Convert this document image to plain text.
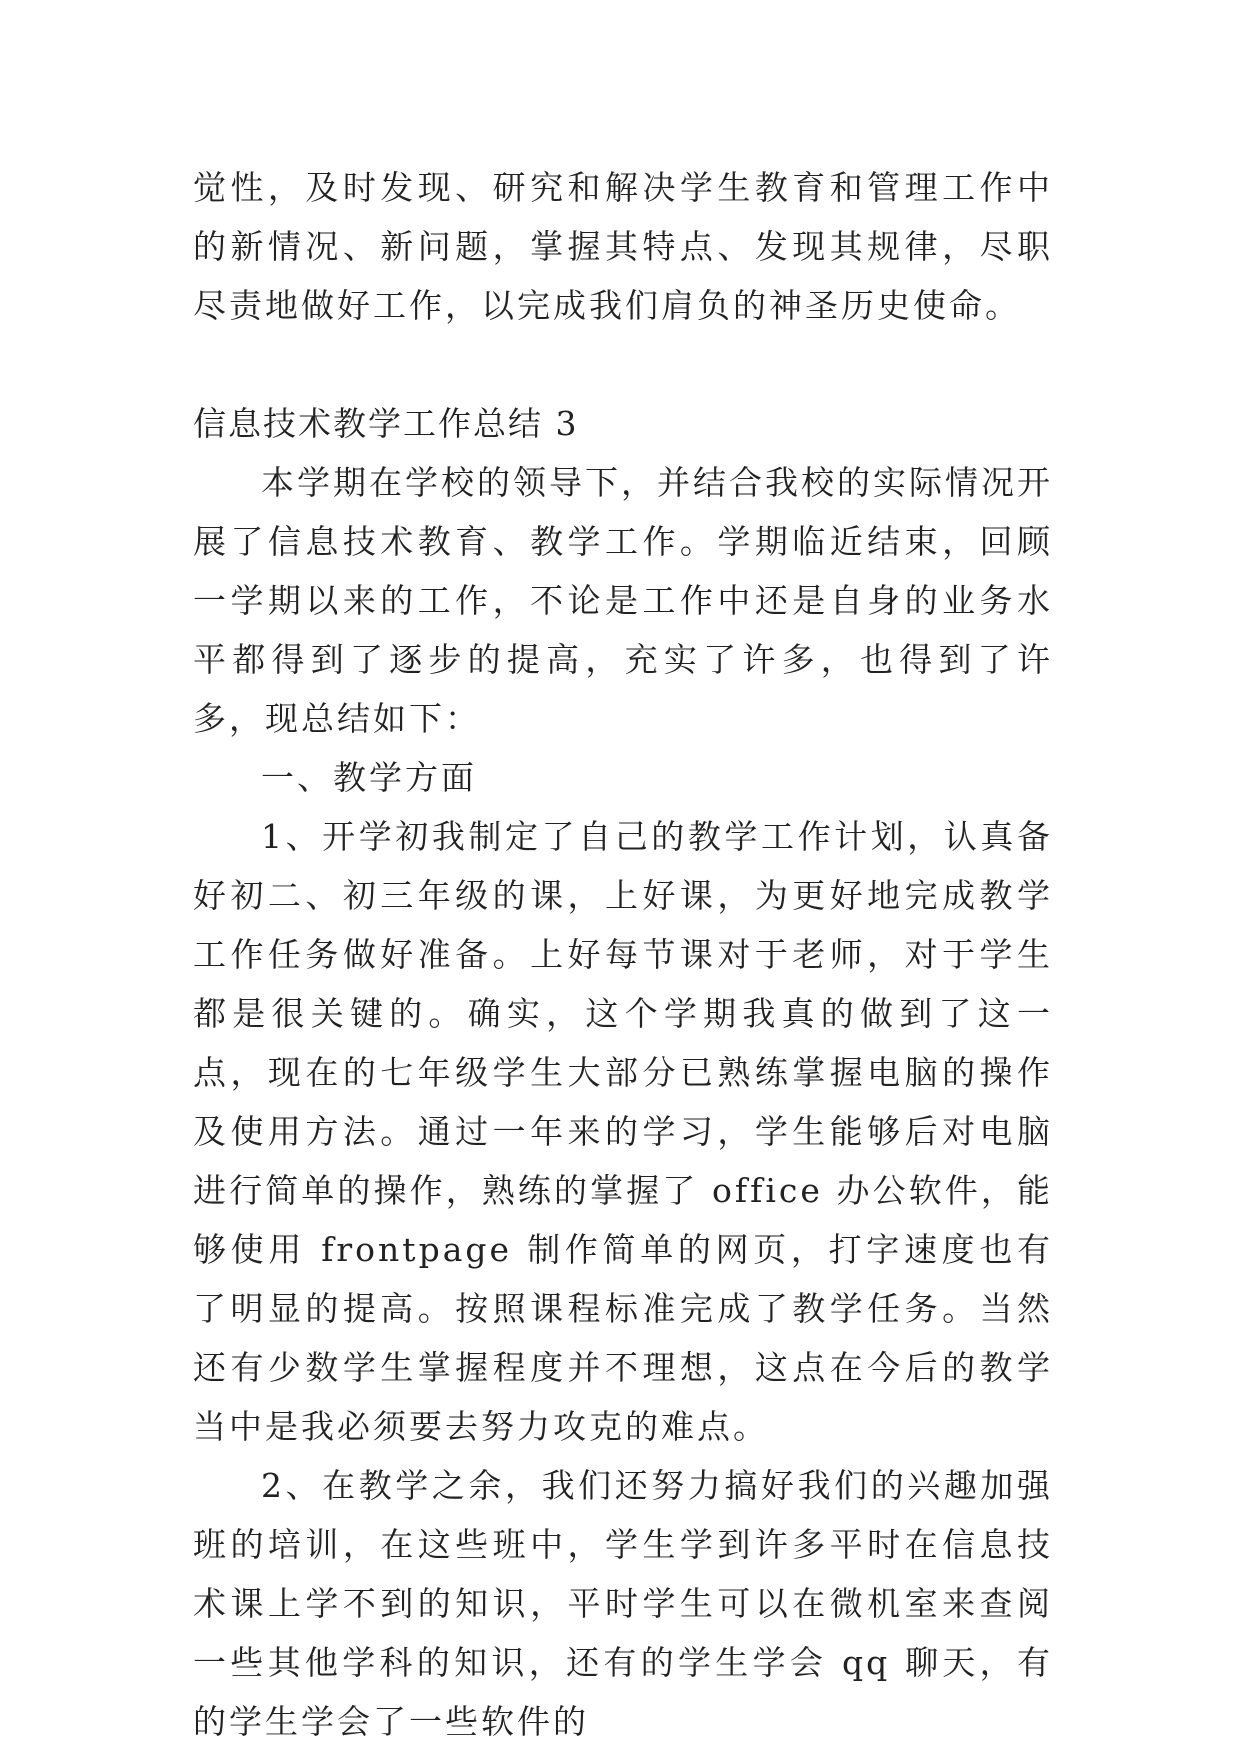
觉性，及时发现、研究和解决学生教育和管理工作中的新情况、新问题，掌握其特点、发现其规律，尽职尽责地做好工作，以完成我们肩负的神圣历史使命。

信息技术教学工作总结 3

本学期在学校的领导下，并结合我校的实际情况开展了信息技术教育、教学工作。学期临近结束，回顾一学期以来的工作，不论是工作中还是自身的业务水平都得到了逐步的提高，充实了许多，也得到了许多，现总结如下：

一、教学方面

1、开学初我制定了自己的教学工作计划，认真备好初二、初三年级的课，上好课，为更好地完成教学工作任务做好准备。上好每节课对于老师，对于学生都是很关键的。确实，这个学期我真的做到了这一点，现在的七年级学生大部分已熟练掌握电脑的操作及使用方法。通过一年来的学习，学生能够后对电脑进行简单的操作，熟练的掌握了 office 办公软件，能够使用 frontpage 制作简单的网页，打字速度也有了明显的提高。按照课程标准完成了教学任务。当然还有少数学生掌握程度并不理想，这点在今后的教学当中是我必须要去努力攻克的难点。

2、在教学之余，我们还努力搞好我们的兴趣加强班的培训，在这些班中，学生学到许多平时在信息技术课上学不到的知识，平时学生可以在微机室来查阅一些其他学科的知识，还有的学生学会 qq 聊天，有的学生学会了一些软件的
